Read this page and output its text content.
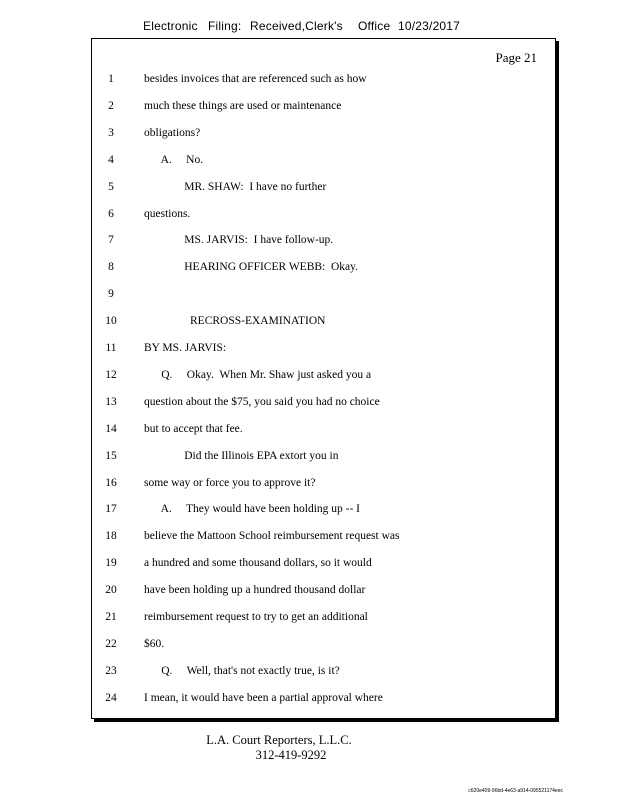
Electronic Filing: Received,Clerk's Office 10/23/2017
Page 21
1	besides invoices that are referenced such as how
2	much these things are used or maintenance
3	obligations?
4	A.     No.
5	MR. SHAW:  I have no further
6	questions.
7	MS. JARVIS:  I have follow-up.
8	HEARING OFFICER WEBB:  Okay.
9
10	RECROSS-EXAMINATION
11	BY MS. JARVIS:
12	Q.     Okay.  When Mr. Shaw just asked you a
13	question about the $75, you said you had no choice
14	but to accept that fee.
15	Did the Illinois EPA extort you in
16	some way or force you to approve it?
17	A.     They would have been holding up -- I
18	believe the Mattoon School reimbursement request was
19	a hundred and some thousand dollars, so it would
20	have been holding up a hundred thousand dollar
21	reimbursement request to try to get an additional
22	$60.
23	Q.     Well, that's not exactly true, is it?
24	I mean, it would have been a partial approval where
L.A. Court Reporters, L.L.C.
312-419-9292
c620e409-96bd-4e63-a914-095521174eec
